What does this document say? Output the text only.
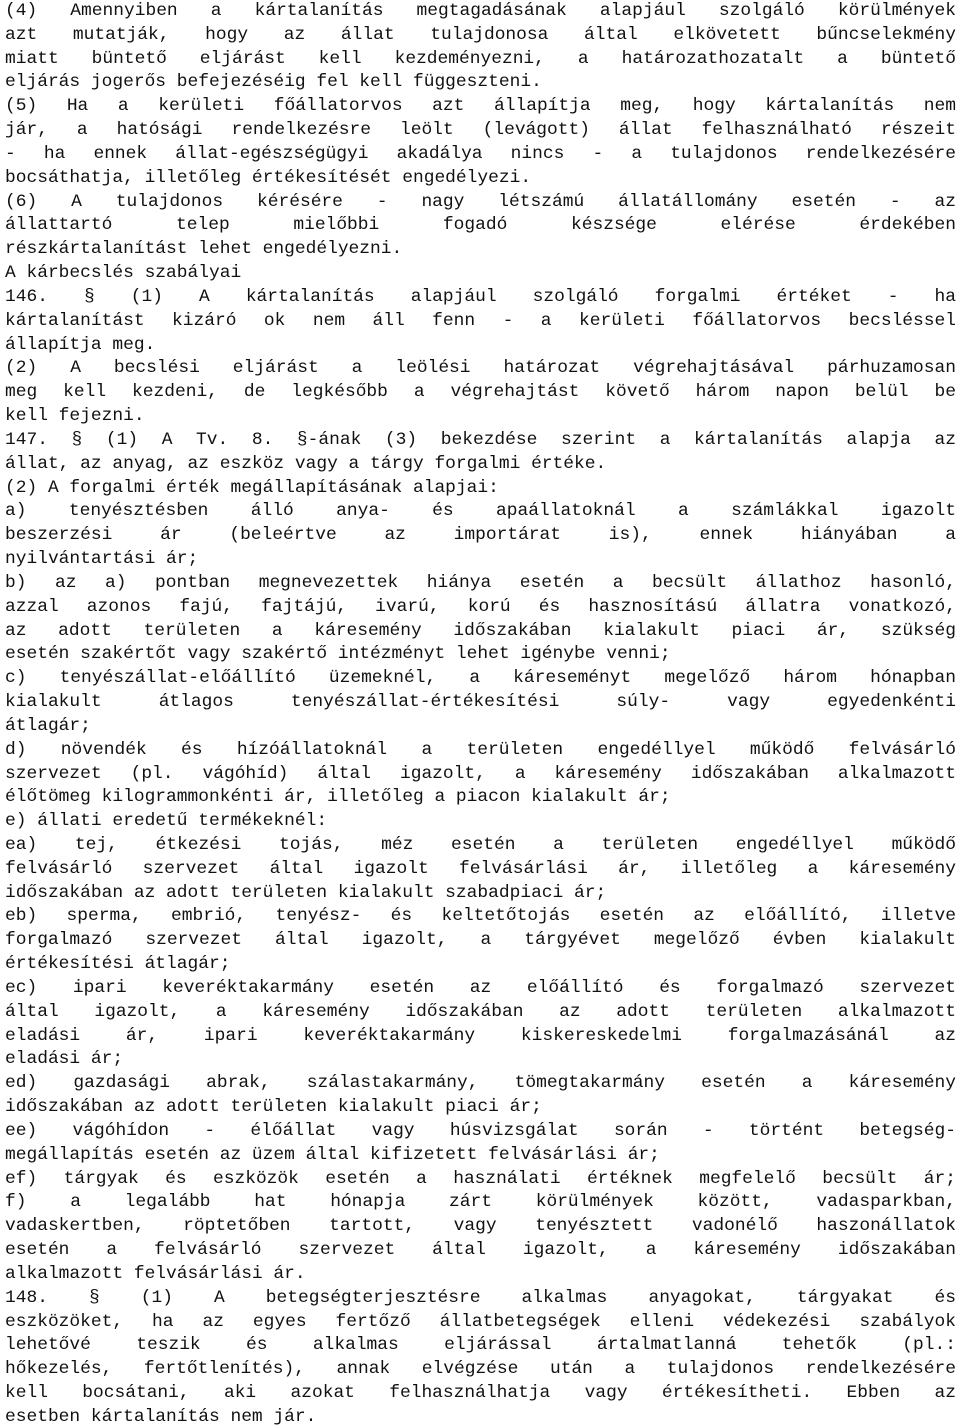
(4) Amennyiben a kártalanítás megtagadásának alapjául szolgáló körülmények
azt mutatják, hogy az állat tulajdonosa által elkövetett bűncselekmény
miatt büntető eljárást kell kezdeményezni, a határozathozatalt a büntető
eljárás jogerős befejezéséig fel kell függeszteni.
(5) Ha a kerületi főállatorvos azt állapítja meg, hogy kártalanítás nem
jár, a hatósági rendelkezésre leölt (levágott) állat felhasználható részeit
- ha ennek állat-egészségügyi akadálya nincs - a tulajdonos rendelkezésére
bocsáthatja, illetőleg értékesítését engedélyezi.
(6) A tulajdonos kérésére - nagy létszámú állatállomány esetén - az
állattartó telep mielőbbi fogadó készsége elérése érdekében
részkártalanítást lehet engedélyezni.
A kárbecslés szabályai
146. § (1) A kártalanítás alapjául szolgáló forgalmi értéket - ha
kártalanítást kizáró ok nem áll fenn - a kerületi főállatorvos becsléssel
állapítja meg.
(2) A becslési eljárást a leölési határozat végrehajtásával párhuzamosan
meg kell kezdeni, de legkésőbb a végrehajtást követő három napon belül be
kell fejezni.
147. § (1) A Tv. 8. §-ának (3) bekezdése szerint a kártalanítás alapja az
állat, az anyag, az eszköz vagy a tárgy forgalmi értéke.
(2) A forgalmi érték megállapításának alapjai:
a) tenyésztésben álló anya- és apaállatoknál a számlákkal igazolt
beszerzési ár (beleértve az importárat is), ennek hiányában a
nyilvántartási ár;
b) az a) pontban megnevezettek hiánya esetén a becsült állathoz hasonló,
azzal azonos fajú, fajtájú, ivarú, korú és hasznosítású állatra vonatkozó,
az adott területen a káresemény időszakában kialakult piaci ár, szükség
esetén szakértőt vagy szakértő intézményt lehet igénybe venni;
c) tenyészállat-előállító üzemeknél, a káreseményt megelőző három hónapban
kialakult átlagos tenyészállat-értékesítési súly- vagy egyedenkénti
átlagár;
d) növendék és hízóállatoknál a területen engedéllyel működő felvásárló
szervezet (pl. vágóhíd) által igazolt, a káresemény időszakában alkalmazott
élőtömeg kilogrammonkénti ár, illetőleg a piacon kialakult ár;
e) állati eredetű termékeknél:
ea) tej, étkezési tojás, méz esetén a területen engedéllyel működő
felvásárló szervezet által igazolt felvásárlási ár, illetőleg a káresemény
időszakában az adott területen kialakult szabadpiaci ár;
eb) sperma, embrió, tenyész- és keltetőtojás esetén az előállító, illetve
forgalmazó szervezet által igazolt, a tárgyévet megelőző évben kialakult
értékesítési átlagár;
ec) ipari keveréktakarmány esetén az előállító és forgalmazó szervezet
által igazolt, a káresemény időszakában az adott területen alkalmazott
eladási ár, ipari keveréktakarmány kiskereskedelmi forgalmazásánál az
eladási ár;
ed) gazdasági abrak, szálastakarmány, tömegtakarmány esetén a káresemény
időszakában az adott területen kialakult piaci ár;
ee) vágóhídon - élőállat vagy húsvizsgálat során - történt betegség-
megállapítás esetén az üzem által kifizetett felvásárlási ár;
ef) tárgyak és eszközök esetén a használati értéknek megfelelő becsült ár;
f) a legalább hat hónapja zárt körülmények között, vadasparkban,
vadaskertben, röptetőben tartott, vagy tenyésztett vadonélő haszonállatok
esetén a felvásárló szervezet által igazolt, a káresemény időszakában
alkalmazott felvásárlási ár.
148. § (1) A betegségterjesztésre alkalmas anyagokat, tárgyakat és
eszközöket, ha az egyes fertőző állatbetegségek elleni védekezési szabályok
lehetővé teszik és alkalmas eljárással ártalmatlanná tehetők (pl.:
hőkezelés, fertőtlenítés), annak elvégzése után a tulajdonos rendelkezésére
kell bocsátani, aki azokat felhasználhatja vagy értékesítheti. Ebben az
esetben kártalanítás nem jár.
